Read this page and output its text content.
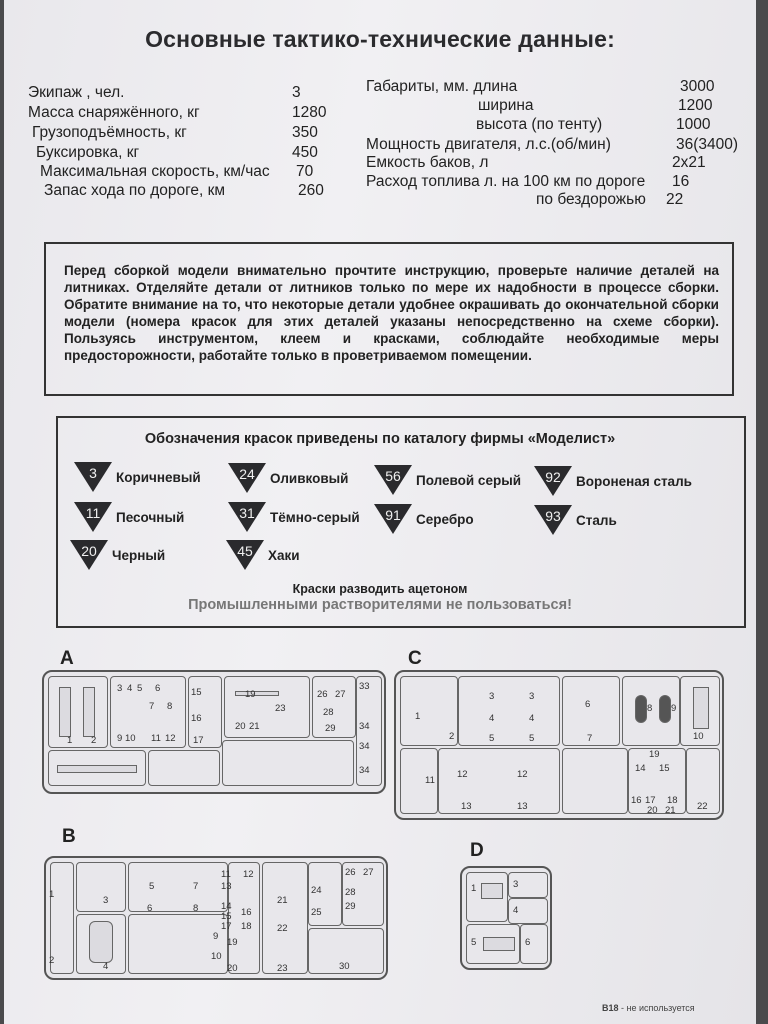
Основные тактико-технические данные:
Экипаж , чел.	3
Масса снаряжённого, кг	1280
Грузоподъёмность, кг	350
Буксировка, кг	450
Максимальная скорость, км/час 70
Запас хода по дороге, км	260
Габариты, мм. длина	3000
ширина	1200
высота (по тенту)	1000
Мощность двигателя, л.с.(об/мин)	36(3400)
Емкость баков, л	2x21
Расход топлива л. на 100 км по дороге 16
по бездорожью 22
Перед сборкой модели внимательно прочтите инструкцию, проверьте наличие деталей на литниках. Отделяйте детали от литников только по мере их надобности в процессе сборки. Обратите внимание на то, что некоторые детали удобнее окрашивать до окончательной сборки модели (номера красок для этих деталей указаны непосредственно на схеме сборки). Пользуясь инструментом, клеем и красками, соблюдайте необходимые меры предосторожности, работайте только в проветриваемом помещении.
Обозначения красок приведены по каталогу фирмы «Моделист»
3	Коричневый	24	Оливковый	56	Полевой серый	92	Вороненая сталь
11	Песочный	31	Тёмно-серый	91	Серебро	93	Сталь
20	Черный	45	Хаки
Краски разводить ацетоном
Промышленными растворителями не пользоваться!
A
1 2
3 4 5 6
7 8
9 10 11 12
15
16
17
19
20 21
23
26 27
28
29
33
34
34
34
C
1
2
3	3
4	4
5	5
6
7
8 9
10
11
12	12
13	13
14 15
16 17 18
19
20 21 22
B
1
2
3
4
5
6
7
8
9
10
11 12
13
14
15 16
17 18
19
20
21
22
23
24
25
26 27
28
29
30
D
1	3
4
5	6
B18 - не используется
